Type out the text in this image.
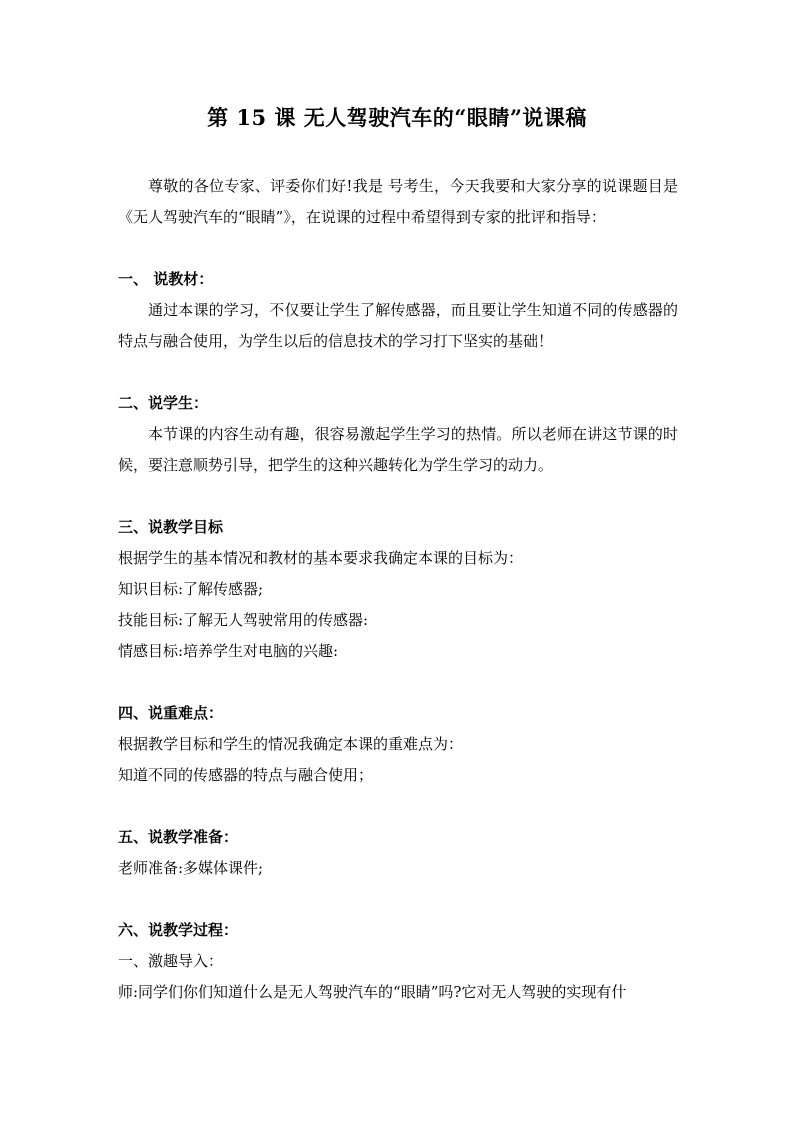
第 15 课 无人驾驶汽车的“眼睛”说课稿

尊敬的各位专家、评委你们好!我是 号考生，今天我要和大家分享的说课题目是《无人驾驶汽车的“眼睛”》，在说课的过程中希望得到专家的批评和指导：

一、 说教材：

通过本课的学习，不仅要让学生了解传感器，而且要让学生知道不同的传感器的特点与融合使用，为学生以后的信息技术的学习打下坚实的基础！

二、说学生：

本节课的内容生动有趣，很容易激起学生学习的热情。所以老师在讲这节课的时候，要注意顺势引导，把学生的这种兴趣转化为学生学习的动力。

三、说教学目标

根据学生的基本情况和教材的基本要求我确定本课的目标为：

知识目标:了解传感器;

技能目标:了解无人驾驶常用的传感器:

情感目标:培养学生对电脑的兴趣:

四、说重难点：

根据教学目标和学生的情况我确定本课的重难点为：

知道不同的传感器的特点与融合使用；

五、说教学准备：

老师准备:多媒体课件;

六、说教学过程：

一、激趣导入：

师:同学们你们知道什么是无人驾驶汽车的“眼睛”吗?它对无人驾驶的实现有什
